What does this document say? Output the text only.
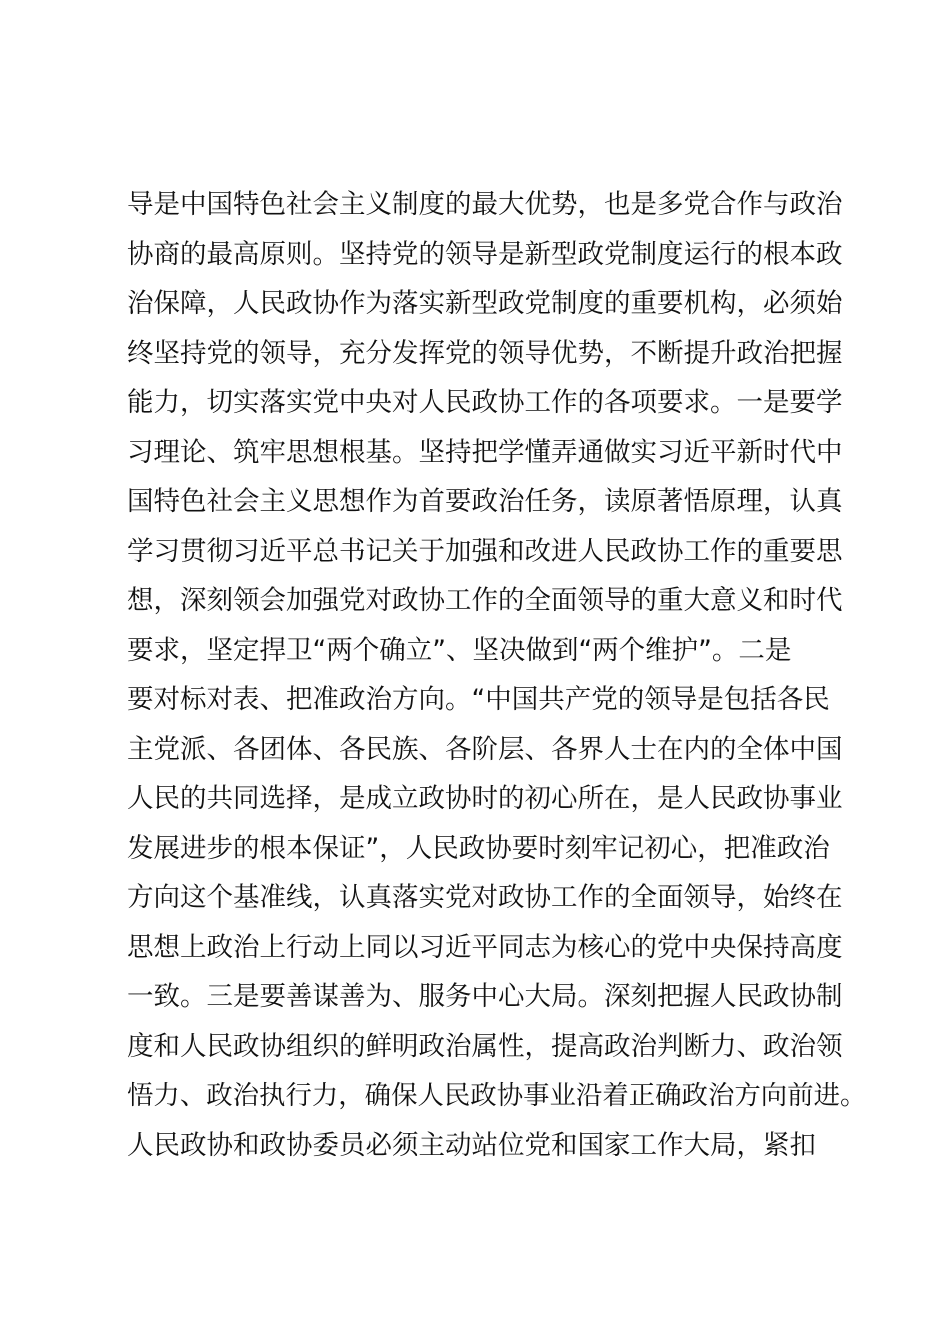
导是中国特色社会主义制度的最大优势，也是多党合作与政治
协商的最高原则。坚持党的领导是新型政党制度运行的根本政
治保障，人民政协作为落实新型政党制度的重要机构，必须始
终坚持党的领导，充分发挥党的领导优势，不断提升政治把握
能力，切实落实党中央对人民政协工作的各项要求。一是要学
习理论、筑牢思想根基。坚持把学懂弄通做实习近平新时代中
国特色社会主义思想作为首要政治任务，读原著悟原理，认真
学习贯彻习近平总书记关于加强和改进人民政协工作的重要思
想，深刻领会加强党对政协工作的全面领导的重大意义和时代
要求，坚定捍卫“两个确立”、坚决做到“两个维护”。二是
要对标对表、把准政治方向。“中国共产党的领导是包括各民
主党派、各团体、各民族、各阶层、各界人士在内的全体中国
人民的共同选择，是成立政协时的初心所在，是人民政协事业
发展进步的根本保证”，人民政协要时刻牢记初心，把准政治
方向这个基准线，认真落实党对政协工作的全面领导，始终在
思想上政治上行动上同以习近平同志为核心的党中央保持高度
一致。三是要善谋善为、服务中心大局。深刻把握人民政协制
度和人民政协组织的鲜明政治属性，提高政治判断力、政治领
悟力、政治执行力，确保人民政协事业沿着正确政治方向前进。
人民政协和政协委员必须主动站位党和国家工作大局，紧扣
